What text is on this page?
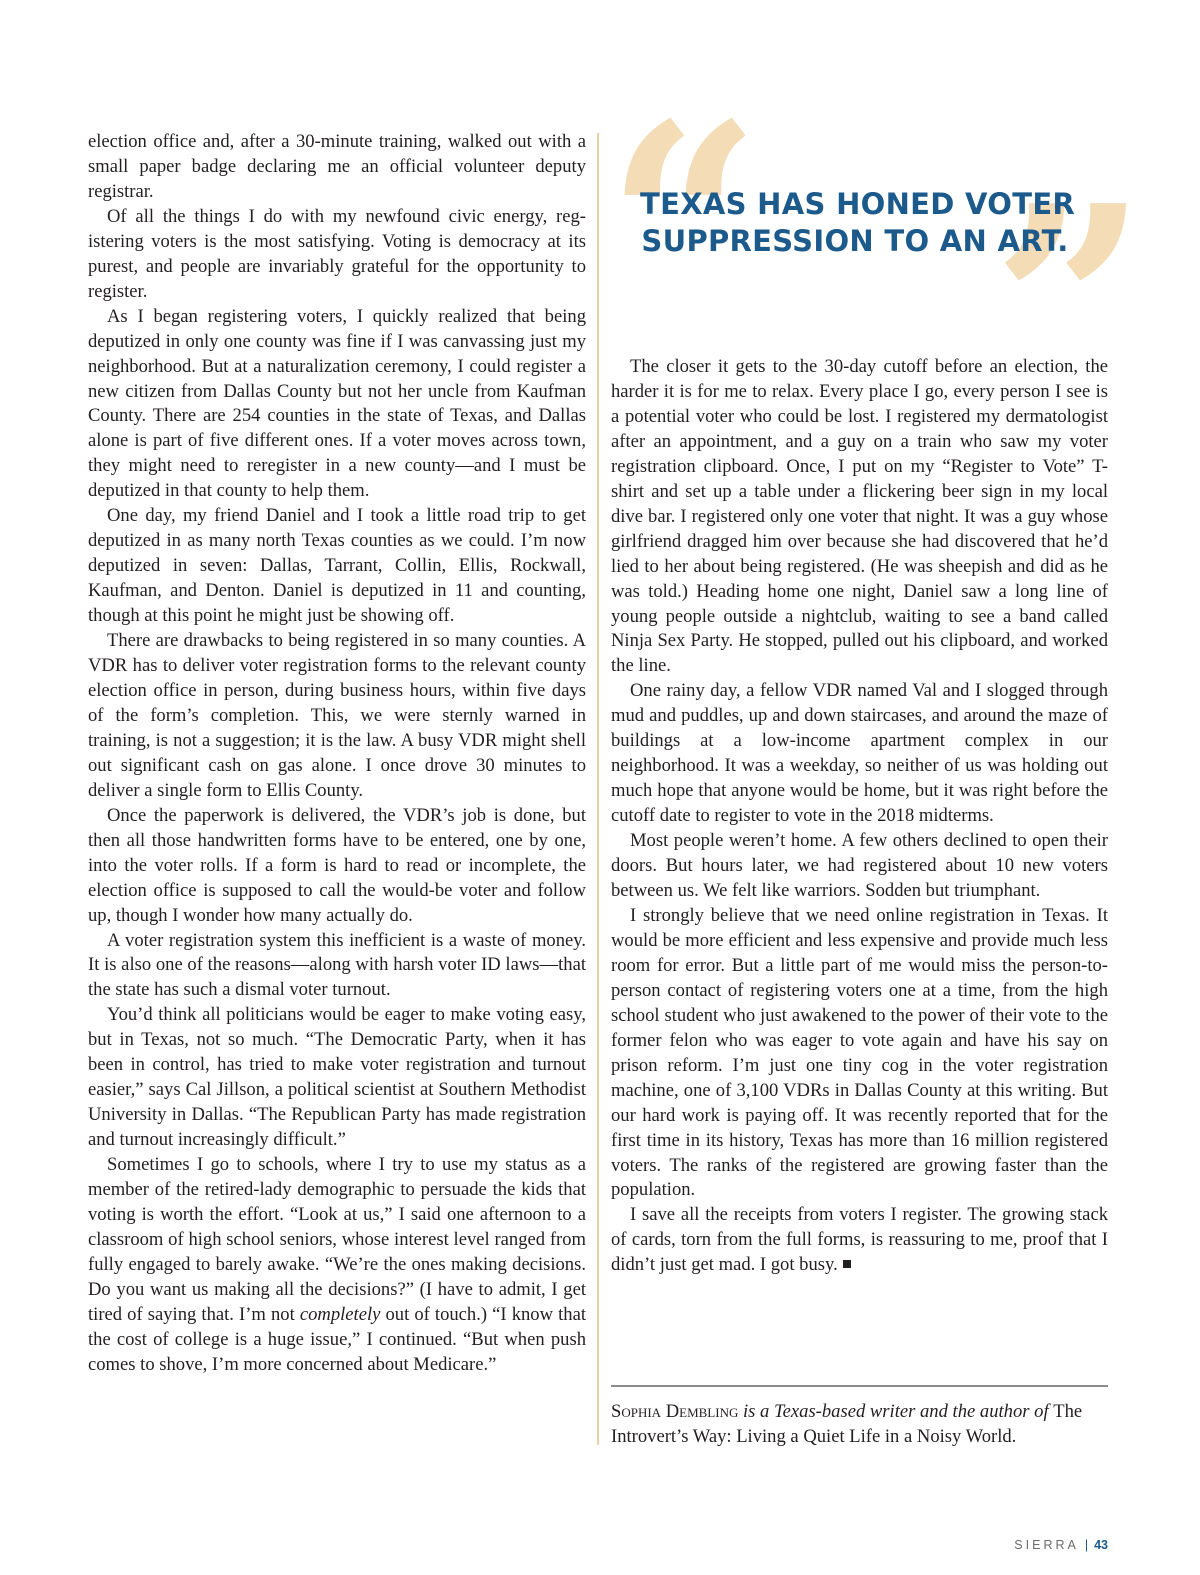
election office and, after a 30-minute training, walked out with a small paper badge declaring me an official volunteer deputy registrar.

Of all the things I do with my newfound civic energy, registering voters is the most satisfying. Voting is democracy at its purest, and people are invariably grateful for the opportunity to register.

As I began registering voters, I quickly realized that being deputized in only one county was fine if I was canvassing just my neighborhood. But at a naturalization ceremony, I could register a new citizen from Dallas County but not her uncle from Kaufman County. There are 254 counties in the state of Texas, and Dallas alone is part of five different ones. If a voter moves across town, they might need to reregister in a new county—and I must be deputized in that county to help them.

One day, my friend Daniel and I took a little road trip to get deputized in as many north Texas counties as we could. I’m now deputized in seven: Dallas, Tarrant, Collin, Ellis, Rockwall, Kaufman, and Denton. Daniel is deputized in 11 and counting, though at this point he might just be showing off.

There are drawbacks to being registered in so many counties. A VDR has to deliver voter registration forms to the relevant county election office in person, during business hours, within five days of the form’s completion. This, we were sternly warned in training, is not a suggestion; it is the law. A busy VDR might shell out significant cash on gas alone. I once drove 30 minutes to deliver a single form to Ellis County.

Once the paperwork is delivered, the VDR’s job is done, but then all those handwritten forms have to be entered, one by one, into the voter rolls. If a form is hard to read or incomplete, the election office is supposed to call the would-be voter and follow up, though I wonder how many actually do.

A voter registration system this inefficient is a waste of money. It is also one of the reasons—along with harsh voter ID laws—that the state has such a dismal voter turnout.

You’d think all politicians would be eager to make voting easy, but in Texas, not so much. “The Democratic Party, when it has been in control, has tried to make voter registration and turnout easier,” says Cal Jillson, a political scientist at Southern Methodist University in Dallas. “The Republican Party has made registration and turnout increasingly difficult.”

Sometimes I go to schools, where I try to use my status as a member of the retired-lady demographic to persuade the kids that voting is worth the effort. “Look at us,” I said one afternoon to a classroom of high school seniors, whose interest level ranged from fully engaged to barely awake. “We’re the ones making decisions. Do you want us making all the decisions?” (I have to admit, I get tired of saying that. I’m not completely out of touch.) “I know that the cost of college is a huge issue,” I continued. “But when push comes to shove, I’m more concerned about Medicare.”

“ ”
TEXAS HAS HONED VOTER
SUPPRESSION TO AN ART.

The closer it gets to the 30-day cutoff before an election, the harder it is for me to relax. Every place I go, every person I see is a potential voter who could be lost. I registered my dermatologist after an appointment, and a guy on a train who saw my voter registration clipboard. Once, I put on my “Register to Vote” T-shirt and set up a table under a flickering beer sign in my local dive bar. I registered only one voter that night. It was a guy whose girlfriend dragged him over because she had discovered that he’d lied to her about being registered. (He was sheepish and did as he was told.) Heading home one night, Daniel saw a long line of young people outside a nightclub, waiting to see a band called Ninja Sex Party. He stopped, pulled out his clipboard, and worked the line.

One rainy day, a fellow VDR named Val and I slogged through mud and puddles, up and down staircases, and around the maze of buildings at a low-income apartment complex in our neighborhood. It was a weekday, so neither of us was holding out much hope that anyone would be home, but it was right before the cutoff date to register to vote in the 2018 midterms.

Most people weren’t home. A few others declined to open their doors. But hours later, we had registered about 10 new voters between us. We felt like warriors. Sodden but triumphant.

I strongly believe that we need online registration in Texas. It would be more efficient and less expensive and provide much less room for error. But a little part of me would miss the person-to-person contact of registering voters one at a time, from the high school student who just awakened to the power of their vote to the former felon who was eager to vote again and have his say on prison reform. I’m just one tiny cog in the voter registration machine, one of 3,100 VDRs in Dallas County at this writing. But our hard work is paying off. It was recently reported that for the first time in its history, Texas has more than 16 million registered voters. The ranks of the registered are growing faster than the population.

I save all the receipts from voters I register. The growing stack of cards, torn from the full forms, is reassuring to me, proof that I didn’t just get mad. I got busy.

Sophia Dembling is a Texas-based writer and the author of The Introvert’s Way: Living a Quiet Life in a Noisy World.
SIERRA | 43
